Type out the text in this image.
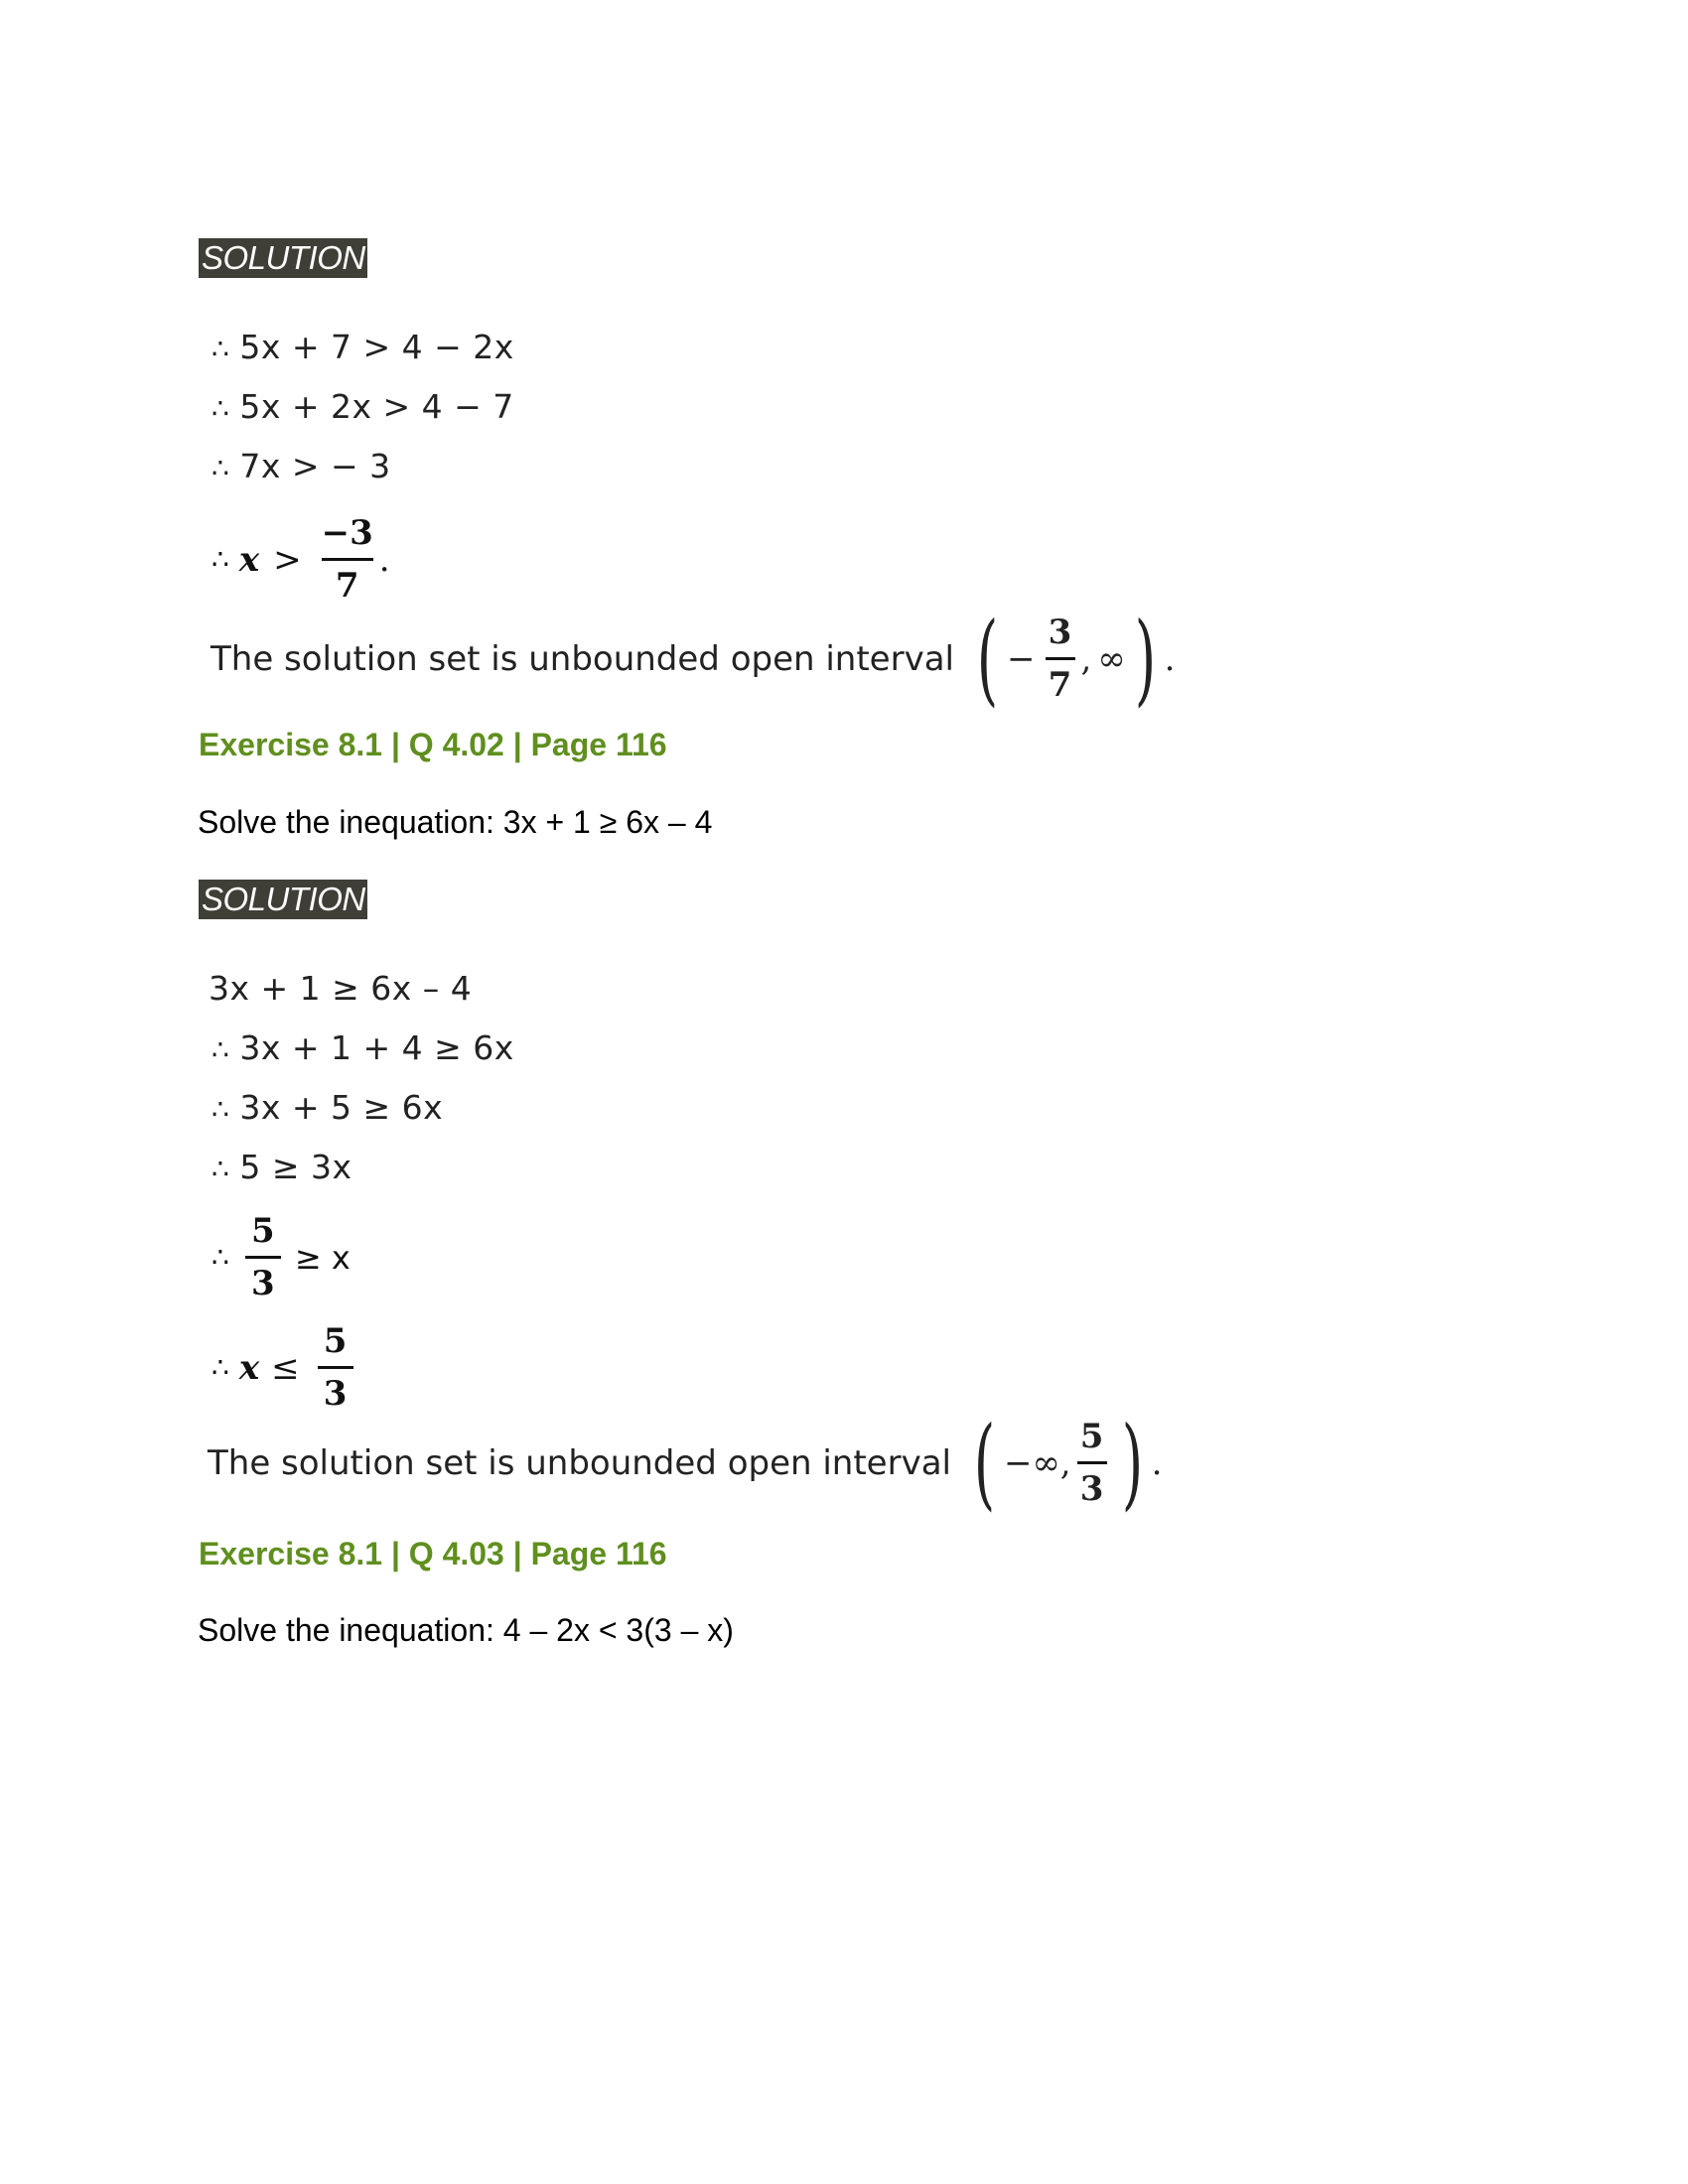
SOLUTION
∴ 5x + 7 > 4 − 2x
∴ 5x + 2x > 4 − 7
∴ 7x > − 3
∴ $x > \frac{-3}{7}$ .
The solution set is unbounded open interval ( − $\frac{3}{7}$ , ∞ ) .
Exercise 8.1 | Q 4.02 | Page 116
Solve the inequation: 3x + 1 ≥ 6x – 4
SOLUTION
3x + 1 ≥ 6x – 4
∴ 3x + 1 + 4 ≥ 6x
∴ 3x + 5 ≥ 6x
∴ 5 ≥ 3x
∴ $\frac{5}{3} \ge x$
∴ $x \le \frac{5}{3}$
The solution set is unbounded open interval ( −∞, $\frac{5}{3}$ ) .
Exercise 8.1 | Q 4.03 | Page 116
Solve the inequation: 4 – 2x < 3(3 – x)
